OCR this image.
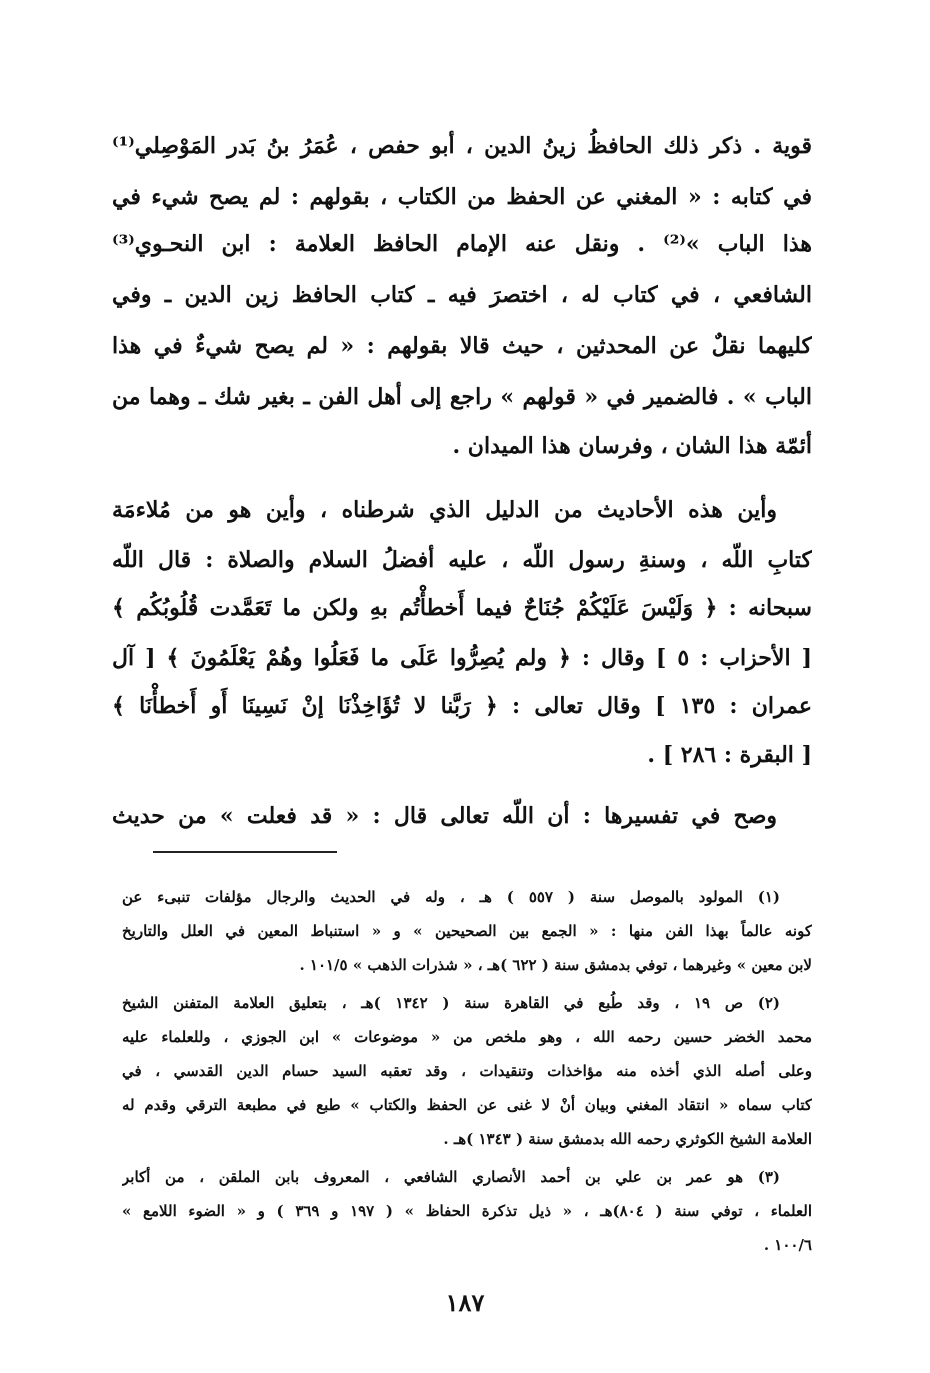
قوية . ذكر ذلك الحافظُ زينُ الدين ، أبو حفص ، عُمَرُ بنُ بَدر المَوْصِلي⁽¹⁾
في كتابه : « المغني عن الحفظ من الكتاب ، بقولهم : لم يصح شيء في
هذا الباب »⁽²⁾ . ونقل عنه الإمام الحافظ العلامة : ابن النحـوي⁽³⁾
الشافعي ، في كتاب له ، اختصرَ فيه ـ كتاب الحافظ زين الدين ـ وفي
كليهما نقلٌ عن المحدثين ، حيث قالا بقولهم : « لم يصح شيءٌ في هذا
الباب » . فالضمير في « قولهم » راجع إلى أهل الفن ـ بغير شك ـ وهما من
أئمّة هذا الشان ، وفرسان هذا الميدان .
وأين هذه الأحاديث من الدليل الذي شرطناه ، وأين هو من مُلاءمَة
كتابِ اللّه ، وسنةِ رسول اللّه ، عليه أفضلُ السلام والصلاة : قال اللّه
سبحانه : ﴿ وَلَيْسَ عَلَيْكُمْ جُنَاحٌ فيما أَخطأْتُم بهِ ولكن ما تَعَمَّدت قُلُوبُكُم ﴾
[ الأحزاب : ٥ ] وقال : ﴿ ولم يُصِرُّوا عَلَى ما فَعَلُوا وهُمْ يَعْلَمُونَ ﴾ [ آل
عمران : ١٣٥ ] وقال تعالى : ﴿ رَبَّنا لا تُؤَاخِذْنَا إنْ نَسِينَا أَو أَخطأْنَا ﴾
[ البقرة : ٢٨٦ ] .
وصح في تفسيرها : أن اللّه تعالى قال : « قد فعلت » من حديث
(١) المولود بالموصل سنة ( ٥٥٧ ) هـ ، وله في الحديث والرجال مؤلفات تنبىء عن
كونه عالماً بهذا الفن منها : « الجمع بين الصحيحين » و « استنباط المعين في العلل والتاريخ
لابن معين » وغيرهما ، توفي بدمشق سنة ( ٦٢٢ )هـ ، « شذرات الذهب » ١٠١/٥ .
(٢) ص ١٩ ، وقد طُبع في القاهرة سنة ( ١٣٤٢ )هـ ، بتعليق العلامة المتفنن الشيخ
محمد الخضر حسين رحمه الله ، وهو ملخص من « موضوعات » ابن الجوزي ، وللعلماء عليه
وعلى أصله الذي أخذه منه مؤاخذات وتنقيدات ، وقد تعقبه السيد حسام الدين القدسي ، في
كتاب سماه « انتقاد المغني وبيان أنْ لا غنى عن الحفظ والكتاب » طبع في مطبعة الترقي وقدم له
العلامة الشيخ الكوثري رحمه الله بدمشق سنة ( ١٣٤٣ )هـ .
(٣) هو عمر بن علي بن أحمد الأنصاري الشافعي ، المعروف بابن الملقن ، من أكابر
العلماء ، توفي سنة ( ٨٠٤)هـ ، « ذيل تذكرة الحفاظ » ( ١٩٧ و ٣٦٩ ) و « الضوء اللامع »
١٠٠/٦ .
١٨٧
